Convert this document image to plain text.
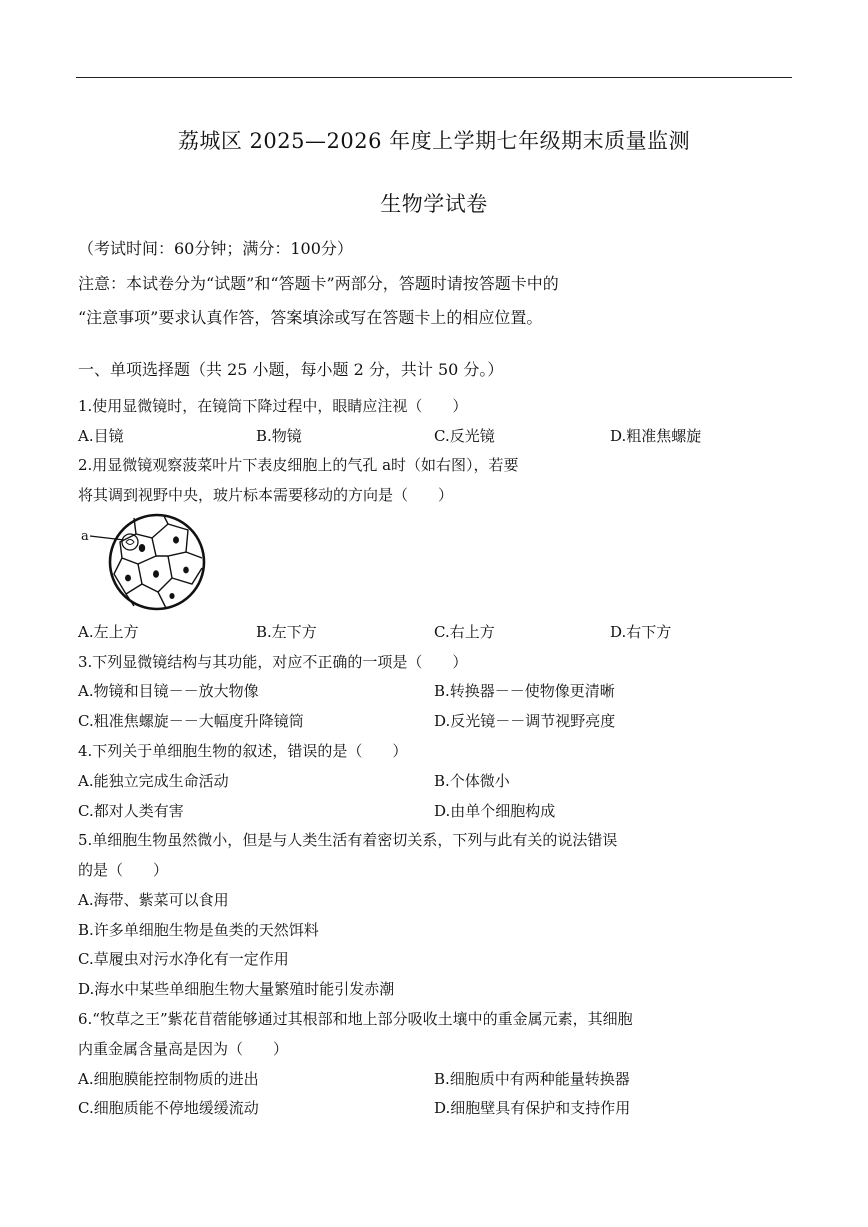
荔城区 2025—2026 年度上学期七年级期末质量监测
生物学试卷
（考试时间：60分钟；满分：100分）
注意：本试卷分为“试题”和“答题卡”两部分，答题时请按答题卡中的
“注意事项”要求认真作答，答案填涂或写在答题卡上的相应位置。
一、单项选择题（共 25 小题，每小题 2 分，共计 50 分。）
1.使用显微镜时，在镜筒下降过程中，眼睛应注视（　　）
A.目镜	B.物镜	C.反光镜	D.粗准焦螺旋
2.用显微镜观察菠菜叶片下表皮细胞上的气孔 a时（如右图），若要
将其调到视野中央，玻片标本需要移动的方向是（　　）
a
A.左上方	B.左下方	C.右上方	D.右下方
3.下列显微镜结构与其功能，对应不正确的一项是（　　）
A.物镜和目镜－－放大物像	B.转换器－－使物像更清晰
C.粗准焦螺旋－－大幅度升降镜筒	D.反光镜－－调节视野亮度
4.下列关于单细胞生物的叙述，错误的是（　　）
A.能独立完成生命活动	B.个体微小
C.都对人类有害	D.由单个细胞构成
5.单细胞生物虽然微小，但是与人类生活有着密切关系，下列与此有关的说法错误
的是（　　）
A.海带、紫菜可以食用
B.许多单细胞生物是鱼类的天然饵料
C.草履虫对污水净化有一定作用
D.海水中某些单细胞生物大量繁殖时能引发赤潮
6.“牧草之王”紫花苜蓿能够通过其根部和地上部分吸收土壤中的重金属元素，其细胞
内重金属含量高是因为（　　）
A.细胞膜能控制物质的进出	B.细胞质中有两种能量转换器
C.细胞质能不停地缓缓流动	D.细胞壁具有保护和支持作用
